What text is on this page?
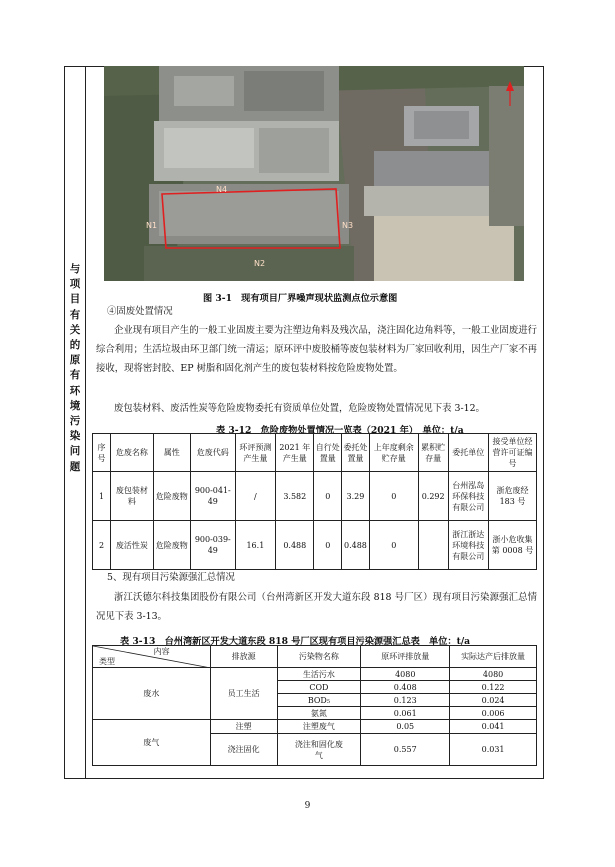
与项目有关的原有环境污染问题
N4
N3
N2
N1
图 3-1　现有项目厂界噪声现状监测点位示意图
④固废处置情况
企业现有项目产生的一般工业固废主要为注塑边角料及残次品，浇注固化边角料等，一般工业固废进行综合利用；生活垃圾由环卫部门统一清运；原环评中废胶桶等废包装材料为厂家回收利用，因生产厂家不再接收，现将密封胶、EP 树脂和固化剂产生的废包装材料按危险废物处置。
废包装材料、废活性炭等危险废物委托有资质单位处置，危险废物处置情况见下表 3-12。
表 3-12　危险废物处置情况一览表（2021 年）　单位：t/a
序号	危废名称	属性	危废代码	环评预测产生量	2021 年产生量	自行处置量	委托处置量	上年度剩余贮存量	累积贮存量	委托单位	接受单位经营许可证编号
1	废包装材料	危险废物	900-041-49	/	3.582	0	3.29	0	0.292	台州泓岛环保科技有限公司	浙危废经 183 号
2	废活性炭	危险废物	900-039-49	16.1	0.488	0	0.488	0		浙江浙达环境科技有限公司	浙小危收集第 0008 号
5、现有项目污染源强汇总情况
浙江沃德尔科技集团股份有限公司（台州湾新区开发大道东段 818 号厂区）现有项目污染源强汇总情况见下表 3-13。
表 3-13　台州湾新区开发大道东段 818 号厂区现有项目污染源强汇总表　单位：t/a
内容
类型	排放源	污染物名称	原环评排放量	实际达产后排放量
废水	员工生活	生活污水	4080	4080
		COD	0.408	0.122
		BOD₅	0.123	0.024
		氨氮	0.061	0.006
废气	注塑	注塑废气	0.05	0.041
	浇注固化	浇注和固化废气	0.557	0.031
9
